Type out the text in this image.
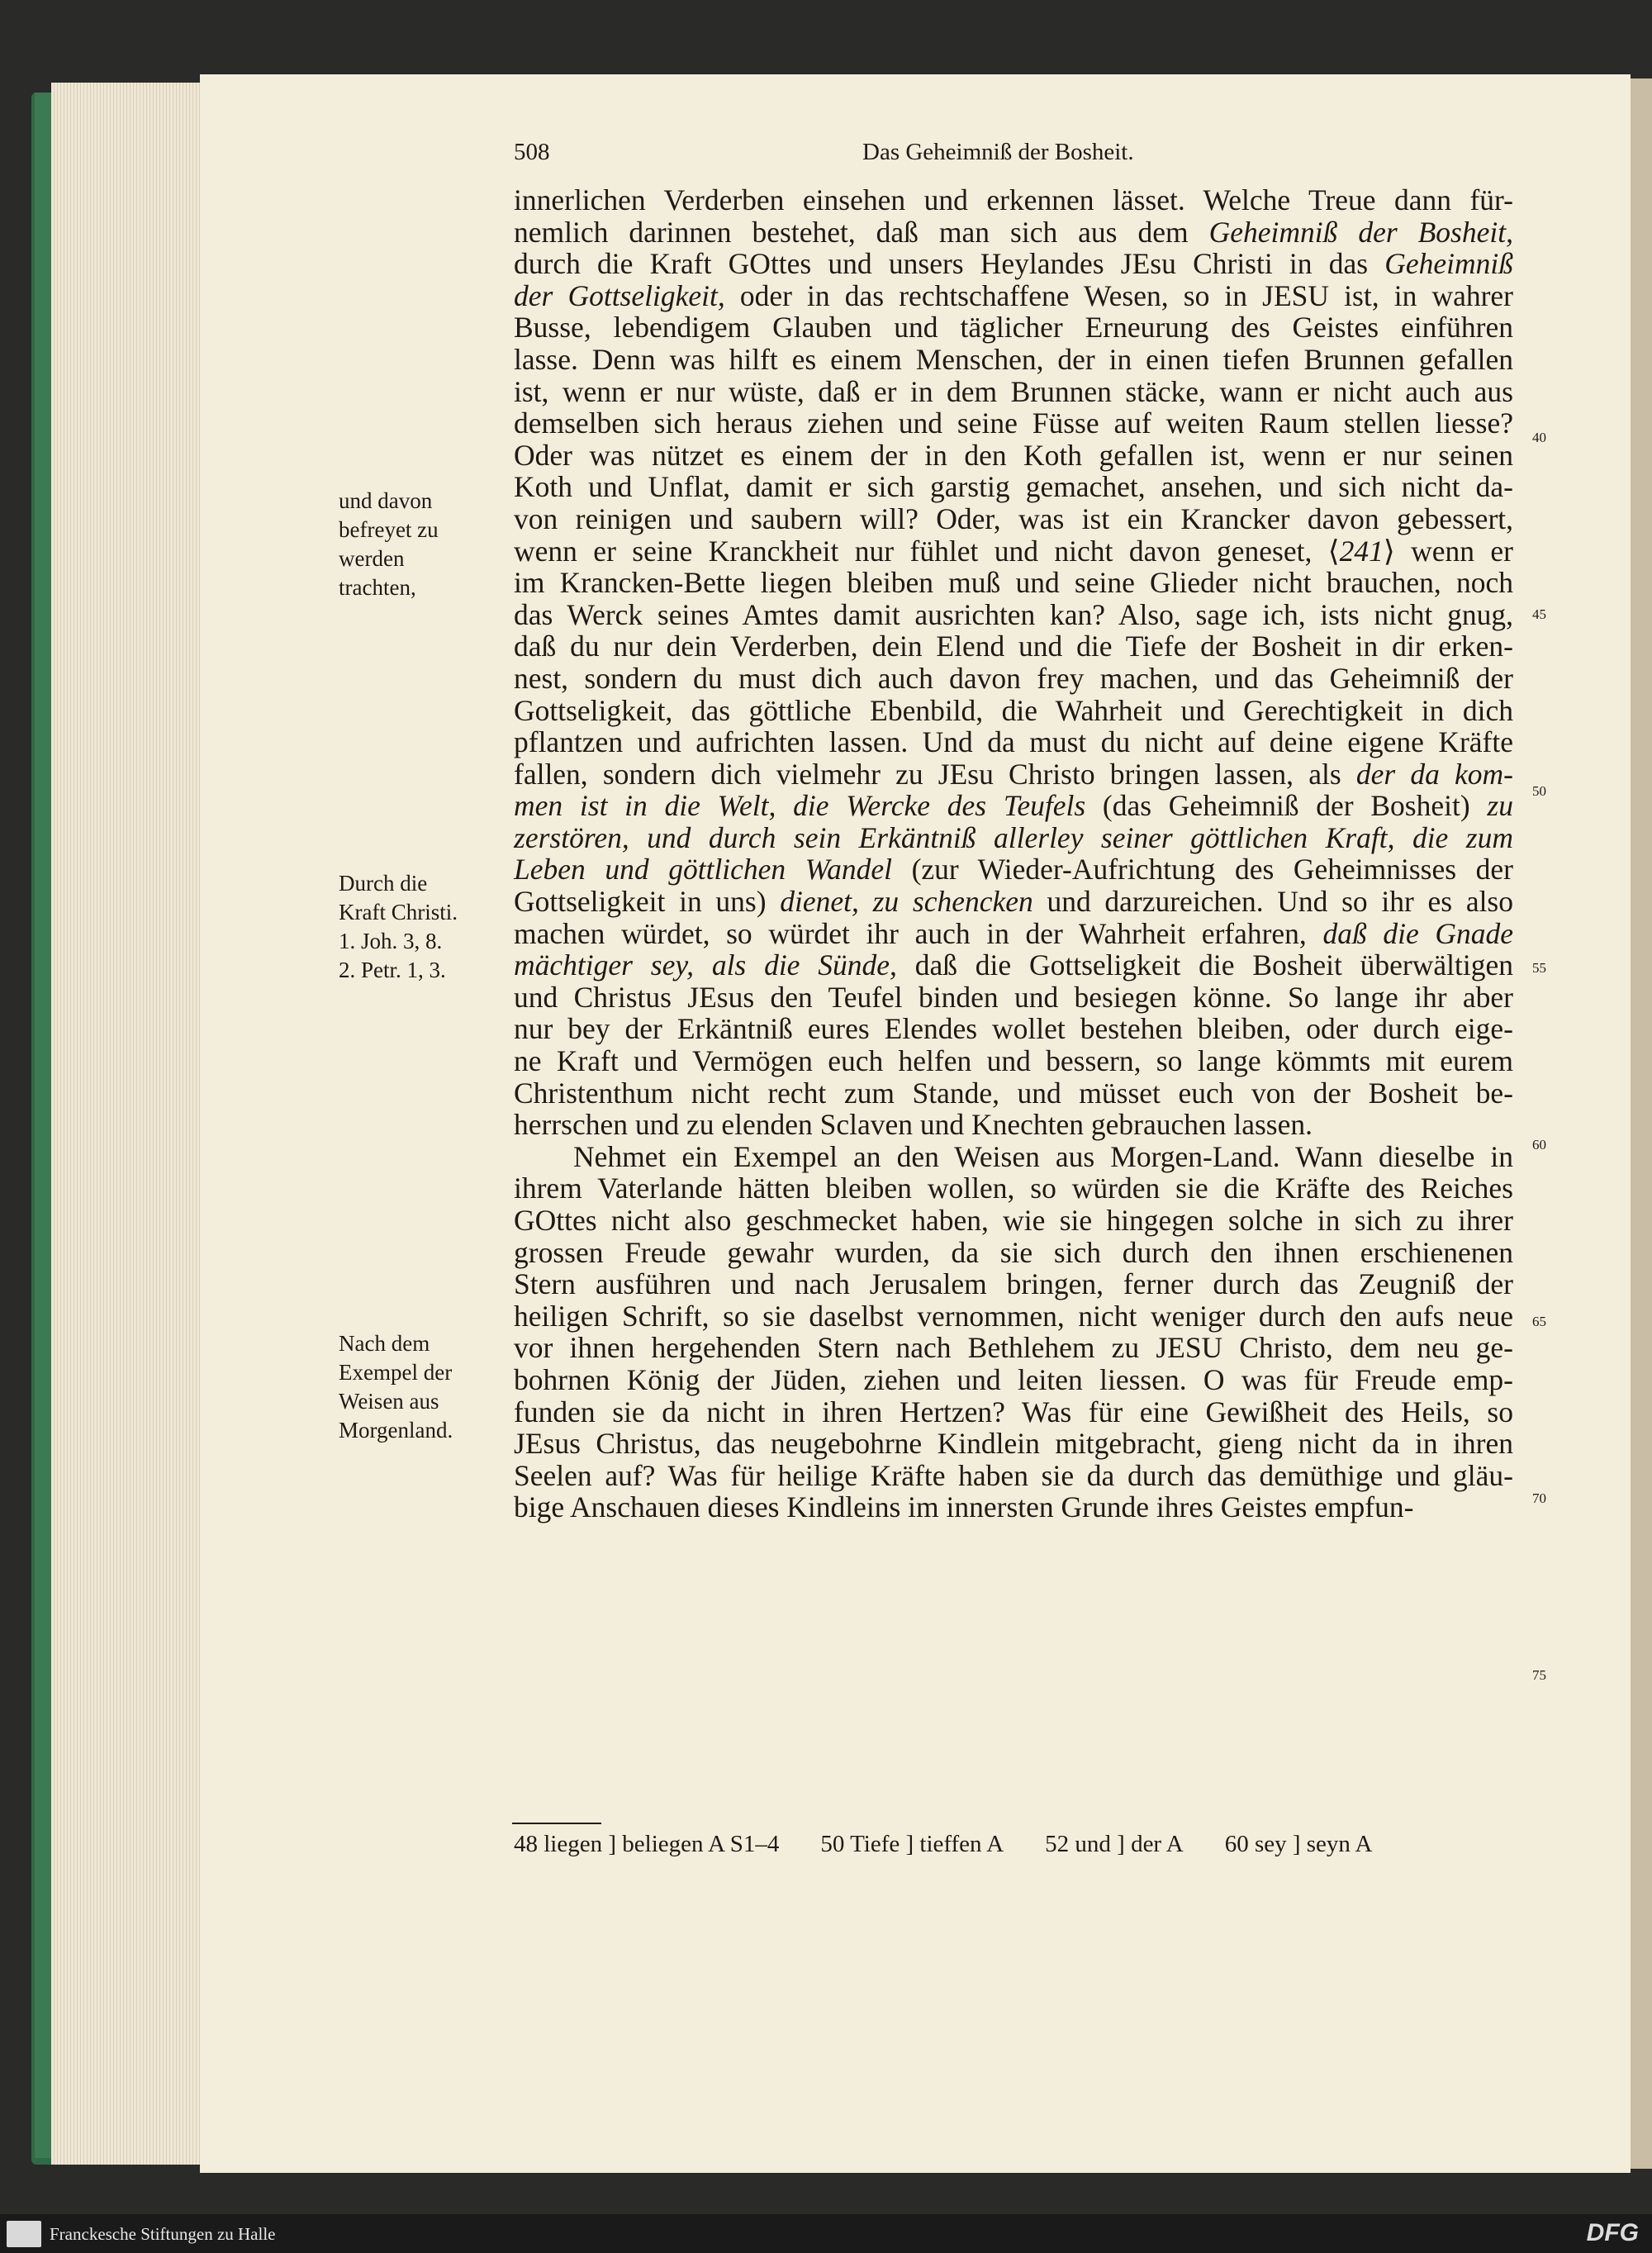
508	Das Geheimniß der Bosheit.
innerlichen Verderben einsehen und erkennen lässet. Welche Treue dann für-
nemlich darinnen bestehet, daß man sich aus dem Geheimniß der Bosheit,
durch die Kraft GOttes und unsers Heylandes JEsu Christi in das Geheimniß
der Gottseligkeit, oder in das rechtschaffene Wesen, so in JESU ist, in wahrer
Busse, lebendigem Glauben und täglicher Erneurung des Geistes einführen
lasse. Denn was hilft es einem Menschen, der in einen tiefen Brunnen gefallen
ist, wenn er nur wüste, daß er in dem Brunnen stäcke, wann er nicht auch aus
demselben sich heraus ziehen und seine Füsse auf weiten Raum stellen liesse?
Oder was nützet es einem der in den Koth gefallen ist, wenn er nur seinen
Koth und Unflat, damit er sich garstig gemachet, ansehen, und sich nicht da-
von reinigen und saubern will? Oder, was ist ein Krancker davon gebessert,
wenn er seine Kranckheit nur fühlet und nicht davon geneset, ⟨241⟩ wenn er
im Krancken-Bette liegen bleiben muß und seine Glieder nicht brauchen, noch
das Werck seines Amtes damit ausrichten kan? Also, sage ich, ists nicht gnug,
daß du nur dein Verderben, dein Elend und die Tiefe der Bosheit in dir erken-
nest, sondern du must dich auch davon frey machen, und das Geheimniß der
Gottseligkeit, das göttliche Ebenbild, die Wahrheit und Gerechtigkeit in dich
pflantzen und aufrichten lassen. Und da must du nicht auf deine eigene Kräfte
fallen, sondern dich vielmehr zu JEsu Christo bringen lassen, als der da kom-
men ist in die Welt, die Wercke des Teufels (das Geheimniß der Bosheit) zu
zerstören, und durch sein Erkäntniß allerley seiner göttlichen Kraft, die zum
Leben und göttlichen Wandel (zur Wieder-Aufrichtung des Geheimnisses der
Gottseligkeit in uns) dienet, zu schencken und darzureichen. Und so ihr es also
machen würdet, so würdet ihr auch in der Wahrheit erfahren, daß die Gnade
mächtiger sey, als die Sünde, daß die Gottseligkeit die Bosheit überwältigen
und Christus JEsus den Teufel binden und besiegen könne. So lange ihr aber
nur bey der Erkäntniß eures Elendes wollet bestehen bleiben, oder durch eige-
ne Kraft und Vermögen euch helfen und bessern, so lange kömmts mit eurem
Christenthum nicht recht zum Stande, und müsset euch von der Bosheit be-
herrschen und zu elenden Sclaven und Knechten gebrauchen lassen.
Nehmet ein Exempel an den Weisen aus Morgen-Land. Wann dieselbe in
ihrem Vaterlande hätten bleiben wollen, so würden sie die Kräfte des Reiches
GOttes nicht also geschmecket haben, wie sie hingegen solche in sich zu ihrer
grossen Freude gewahr wurden, da sie sich durch den ihnen erschienenen
Stern ausführen und nach Jerusalem bringen, ferner durch das Zeugniß der
heiligen Schrift, so sie daselbst vernommen, nicht weniger durch den aufs neue
vor ihnen hergehenden Stern nach Bethlehem zu JESU Christo, dem neu ge-
bohrnen König der Jüden, ziehen und leiten liessen. O was für Freude emp-
funden sie da nicht in ihren Hertzen? Was für eine Gewißheit des Heils, so
JEsus Christus, das neugebohrne Kindlein mitgebracht, gieng nicht da in ihren
Seelen auf? Was für heilige Kräfte haben sie da durch das demüthige und gläu-
bige Anschauen dieses Kindleins im innersten Grunde ihres Geistes empfun-
und davon
befreyet zu
werden
trachten,
Durch die
Kraft Christi.
1. Joh. 3, 8.
2. Petr. 1, 3.
Nach dem
Exempel der
Weisen aus
Morgenland.
40
45
50
55
60
65
70
75
48 liegen ] beliegen A S1–4 50 Tiefe ] tieffen A 52 und ] der A 60 sey ] seyn A
Franckesche Stiftungen zu Halle	DFG
